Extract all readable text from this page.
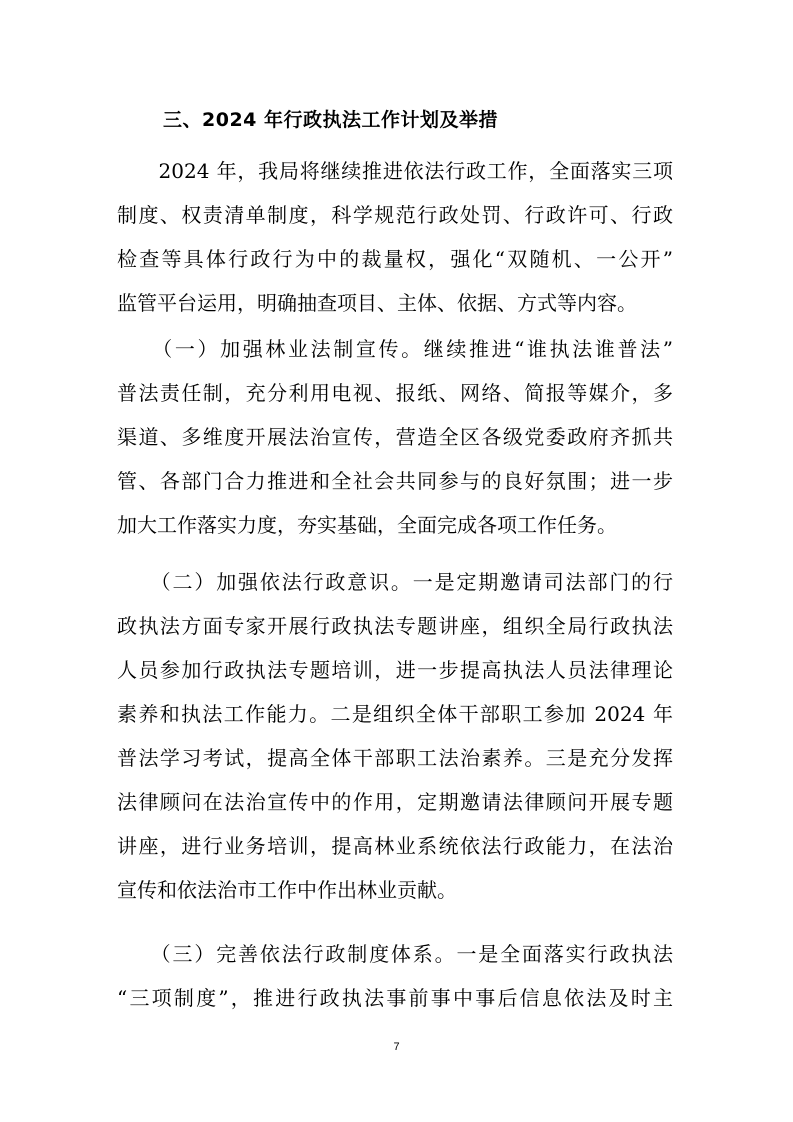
三、2024 年行政执法工作计划及举措
　　2024 年，我局将继续推进依法行政工作，全面落实三项
制度、权责清单制度，科学规范行政处罚、行政许可、行政
检查等具体行政行为中的裁量权，强化“双随机、一公开”
监管平台运用，明确抽查项目、主体、依据、方式等内容。
　　（一）加强林业法制宣传。继续推进“谁执法谁普法”
普法责任制，充分利用电视、报纸、网络、简报等媒介，多
渠道、多维度开展法治宣传，营造全区各级党委政府齐抓共
管、各部门合力推进和全社会共同参与的良好氛围；进一步
加大工作落实力度，夯实基础，全面完成各项工作任务。
　　（二）加强依法行政意识。一是定期邀请司法部门的行
政执法方面专家开展行政执法专题讲座，组织全局行政执法
人员参加行政执法专题培训，进一步提高执法人员法律理论
素养和执法工作能力。二是组织全体干部职工参加 2024 年
普法学习考试，提高全体干部职工法治素养。三是充分发挥
法律顾问在法治宣传中的作用，定期邀请法律顾问开展专题
讲座，进行业务培训，提高林业系统依法行政能力，在法治
宣传和依法治市工作中作出林业贡献。
　　（三）完善依法行政制度体系。一是全面落实行政执法
“三项制度”，推进行政执法事前事中事后信息依法及时主
7
